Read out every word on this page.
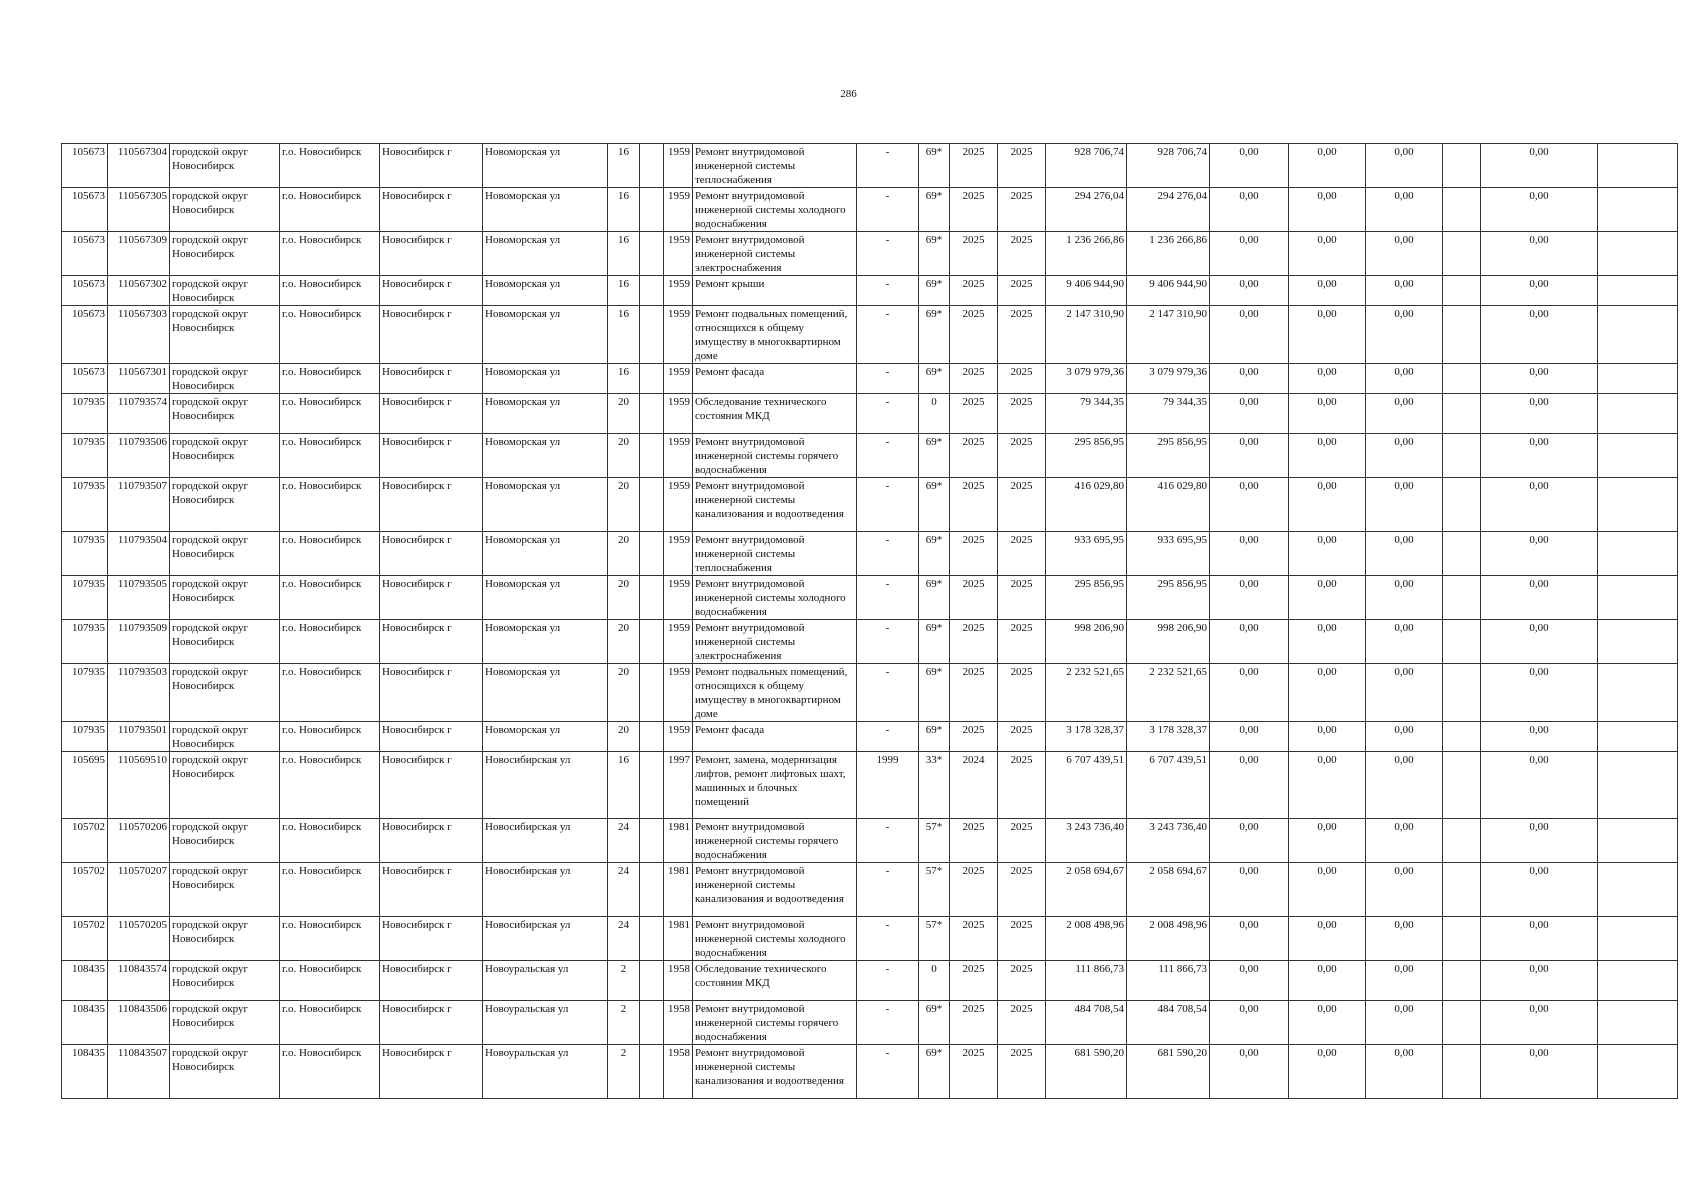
286
105673	110567304	городской округ Новосибирск	г.о. Новосибирск	Новосибирск г	Новоморская ул	16		1959	Ремонт внутридомовой инженерной системы теплоснабжения	-	69*	2025	2025	928 706,74	928 706,74	0,00	0,00	0,00		0,00	
105673	110567305	городской округ Новосибирск	г.о. Новосибирск	Новосибирск г	Новоморская ул	16		1959	Ремонт внутридомовой инженерной системы холодного водоснабжения	-	69*	2025	2025	294 276,04	294 276,04	0,00	0,00	0,00		0,00	
105673	110567309	городской округ Новосибирск	г.о. Новосибирск	Новосибирск г	Новоморская ул	16		1959	Ремонт внутридомовой инженерной системы электроснабжения	-	69*	2025	2025	1 236 266,86	1 236 266,86	0,00	0,00	0,00		0,00	
105673	110567302	городской округ Новосибирск	г.о. Новосибирск	Новосибирск г	Новоморская ул	16		1959	Ремонт крыши	-	69*	2025	2025	9 406 944,90	9 406 944,90	0,00	0,00	0,00		0,00	
105673	110567303	городской округ Новосибирск	г.о. Новосибирск	Новосибирск г	Новоморская ул	16		1959	Ремонт подвальных помещений, относящихся к общему имуществу в многоквартирном доме	-	69*	2025	2025	2 147 310,90	2 147 310,90	0,00	0,00	0,00		0,00	
105673	110567301	городской округ Новосибирск	г.о. Новосибирск	Новосибирск г	Новоморская ул	16		1959	Ремонт фасада	-	69*	2025	2025	3 079 979,36	3 079 979,36	0,00	0,00	0,00		0,00	
107935	110793574	городской округ Новосибирск	г.о. Новосибирск	Новосибирск г	Новоморская ул	20		1959	Обследование технического состояния МКД	-	0	2025	2025	79 344,35	79 344,35	0,00	0,00	0,00		0,00	
107935	110793506	городской округ Новосибирск	г.о. Новосибирск	Новосибирск г	Новоморская ул	20		1959	Ремонт внутридомовой инженерной системы горячего водоснабжения	-	69*	2025	2025	295 856,95	295 856,95	0,00	0,00	0,00		0,00	
107935	110793507	городской округ Новосибирск	г.о. Новосибирск	Новосибирск г	Новоморская ул	20		1959	Ремонт внутридомовой инженерной системы канализования и водоотведения	-	69*	2025	2025	416 029,80	416 029,80	0,00	0,00	0,00		0,00	
107935	110793504	городской округ Новосибирск	г.о. Новосибирск	Новосибирск г	Новоморская ул	20		1959	Ремонт внутридомовой инженерной системы теплоснабжения	-	69*	2025	2025	933 695,95	933 695,95	0,00	0,00	0,00		0,00	
107935	110793505	городской округ Новосибирск	г.о. Новосибирск	Новосибирск г	Новоморская ул	20		1959	Ремонт внутридомовой инженерной системы холодного водоснабжения	-	69*	2025	2025	295 856,95	295 856,95	0,00	0,00	0,00		0,00	
107935	110793509	городской округ Новосибирск	г.о. Новосибирск	Новосибирск г	Новоморская ул	20		1959	Ремонт внутридомовой инженерной системы электроснабжения	-	69*	2025	2025	998 206,90	998 206,90	0,00	0,00	0,00		0,00	
107935	110793503	городской округ Новосибирск	г.о. Новосибирск	Новосибирск г	Новоморская ул	20		1959	Ремонт подвальных помещений, относящихся к общему имуществу в многоквартирном доме	-	69*	2025	2025	2 232 521,65	2 232 521,65	0,00	0,00	0,00		0,00	
107935	110793501	городской округ Новосибирск	г.о. Новосибирск	Новосибирск г	Новоморская ул	20		1959	Ремонт фасада	-	69*	2025	2025	3 178 328,37	3 178 328,37	0,00	0,00	0,00		0,00	
105695	110569510	городской округ Новосибирск	г.о. Новосибирск	Новосибирск г	Новосибирская ул	16		1997	Ремонт, замена, модернизация лифтов, ремонт лифтовых шахт, машинных и блочных помещений	1999	33*	2024	2025	6 707 439,51	6 707 439,51	0,00	0,00	0,00		0,00	
105702	110570206	городской округ Новосибирск	г.о. Новосибирск	Новосибирск г	Новосибирская ул	24		1981	Ремонт внутридомовой инженерной системы горячего водоснабжения	-	57*	2025	2025	3 243 736,40	3 243 736,40	0,00	0,00	0,00		0,00	
105702	110570207	городской округ Новосибирск	г.о. Новосибирск	Новосибирск г	Новосибирская ул	24		1981	Ремонт внутридомовой инженерной системы канализования и водоотведения	-	57*	2025	2025	2 058 694,67	2 058 694,67	0,00	0,00	0,00		0,00	
105702	110570205	городской округ Новосибирск	г.о. Новосибирск	Новосибирск г	Новосибирская ул	24		1981	Ремонт внутридомовой инженерной системы холодного водоснабжения	-	57*	2025	2025	2 008 498,96	2 008 498,96	0,00	0,00	0,00		0,00	
108435	110843574	городской округ Новосибирск	г.о. Новосибирск	Новосибирск г	Новоуральская ул	2		1958	Обследование технического состояния МКД	-	0	2025	2025	111 866,73	111 866,73	0,00	0,00	0,00		0,00	
108435	110843506	городской округ Новосибирск	г.о. Новосибирск	Новосибирск г	Новоуральская ул	2		1958	Ремонт внутридомовой инженерной системы горячего водоснабжения	-	69*	2025	2025	484 708,54	484 708,54	0,00	0,00	0,00		0,00	
108435	110843507	городской округ Новосибирск	г.о. Новосибирск	Новосибирск г	Новоуральская ул	2		1958	Ремонт внутридомовой инженерной системы канализования и водоотведения	-	69*	2025	2025	681 590,20	681 590,20	0,00	0,00	0,00		0,00	
